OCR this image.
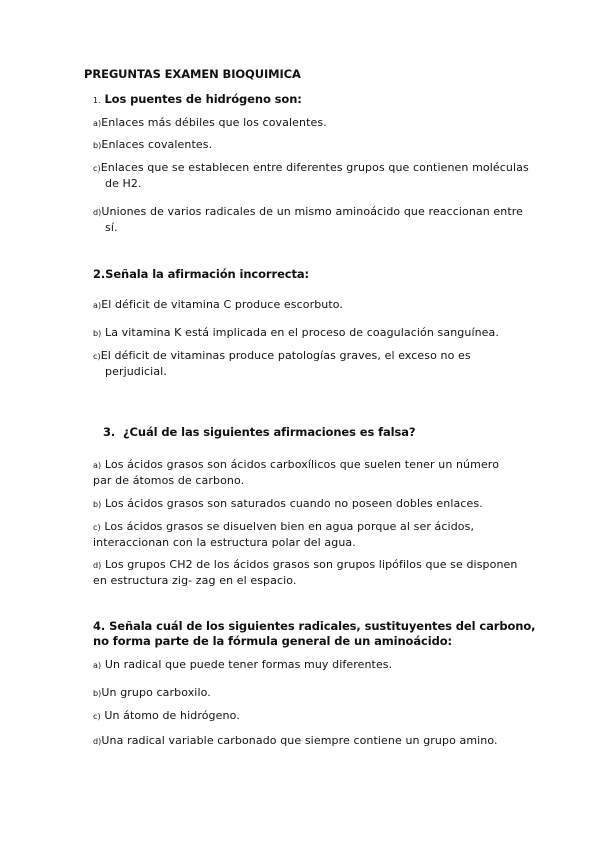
PREGUNTAS EXAMEN BIOQUIMICA
1. Los puentes de hidrógeno son:
a)Enlaces más débiles que los covalentes.
b)Enlaces covalentes.
c)Enlaces que se establecen entre diferentes grupos que contienen moléculas
de H2.
d)Uniones de varios radicales de un mismo aminoácido que reaccionan entre
sí.
2.Señala la afirmación incorrecta:
a)El déficit de vitamina C produce escorbuto.
b) La vitamina K está implicada en el proceso de coagulación sanguínea.
c)El déficit de vitaminas produce patologías graves, el exceso no es
perjudicial.
3. ¿Cuál de las siguientes afirmaciones es falsa?
a) Los ácidos grasos son ácidos carboxílicos que suelen tener un número
par de átomos de carbono.
b) Los ácidos grasos son saturados cuando no poseen dobles enlaces.
c) Los ácidos grasos se disuelven bien en agua porque al ser ácidos,
interaccionan con la estructura polar del agua.
d) Los grupos CH2 de los ácidos grasos son grupos lipófilos que se disponen
en estructura zig- zag en el espacio.
4. Señala cuál de los siguientes radicales, sustituyentes del carbono,
no forma parte de la fórmula general de un aminoácido:
a) Un radical que puede tener formas muy diferentes.
b)Un grupo carboxilo.
c) Un átomo de hidrógeno.
d)Una radical variable carbonado que siempre contiene un grupo amino.
